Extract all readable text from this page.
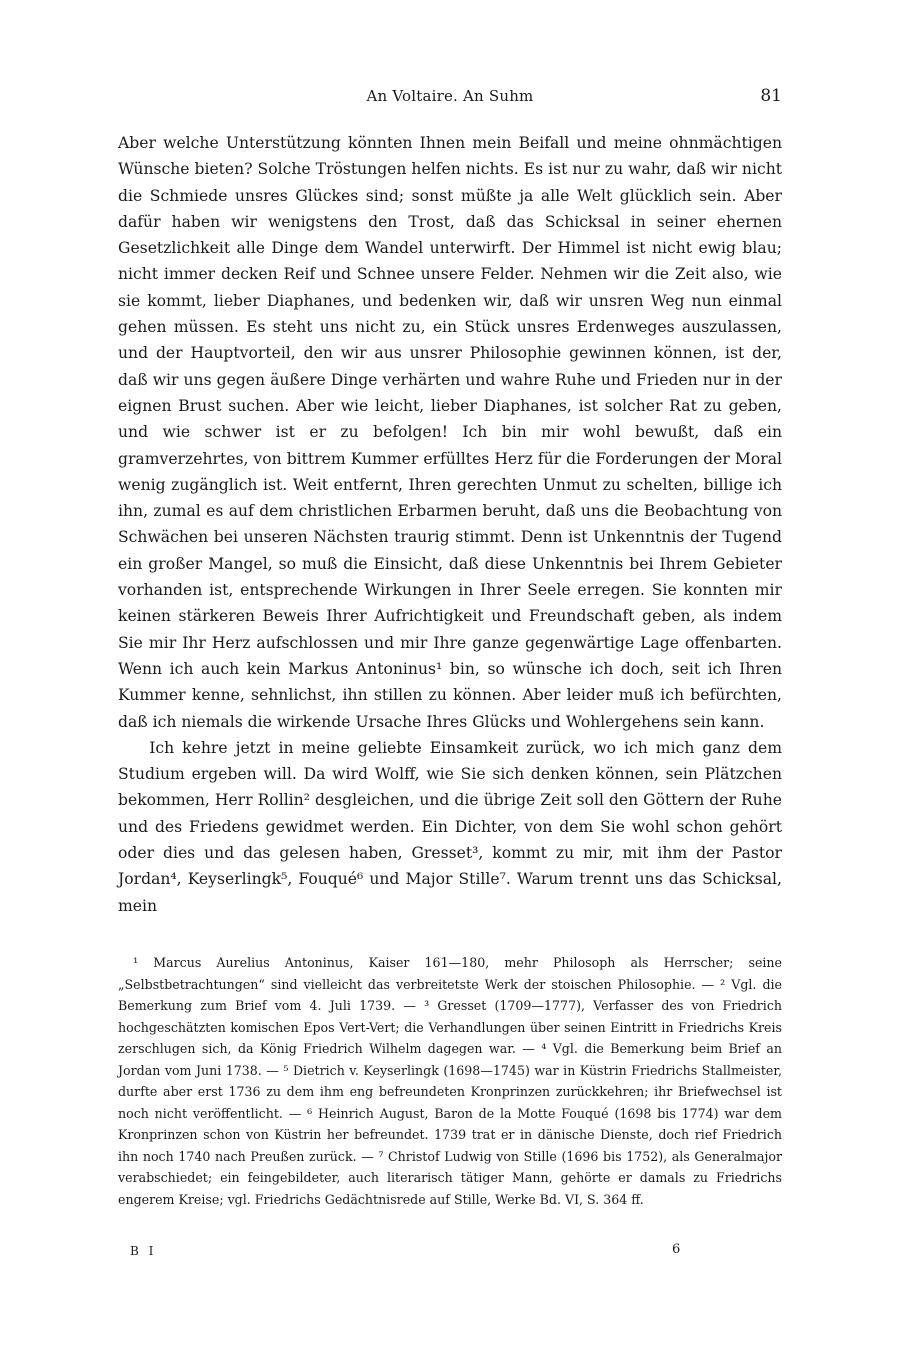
An Voltaire. An Suhm	81

Aber welche Unterstützung könnten Ihnen mein Beifall und meine ohnmächtigen Wünsche bieten? Solche Tröstungen helfen nichts. Es ist nur zu wahr, daß wir nicht die Schmiede unsres Glückes sind; sonst müßte ja alle Welt glücklich sein. Aber dafür haben wir wenigstens den Trost, daß das Schicksal in seiner ehernen Gesetzlichkeit alle Dinge dem Wandel unterwirft. Der Himmel ist nicht ewig blau; nicht immer decken Reif und Schnee unsere Felder. Nehmen wir die Zeit also, wie sie kommt, lieber Diaphanes, und bedenken wir, daß wir unsren Weg nun einmal gehen müssen. Es steht uns nicht zu, ein Stück unsres Erdenweges auszulassen, und der Hauptvorteil, den wir aus unsrer Philosophie gewinnen können, ist der, daß wir uns gegen äußere Dinge verhärten und wahre Ruhe und Frieden nur in der eignen Brust suchen. Aber wie leicht, lieber Diaphanes, ist solcher Rat zu geben, und wie schwer ist er zu befolgen! Ich bin mir wohl bewußt, daß ein gramverzehrtes, von bittrem Kummer erfülltes Herz für die Forderungen der Moral wenig zugänglich ist. Weit entfernt, Ihren gerechten Unmut zu schelten, billige ich ihn, zumal es auf dem christlichen Erbarmen beruht, daß uns die Beobachtung von Schwächen bei unseren Nächsten traurig stimmt. Denn ist Unkenntnis der Tugend ein großer Mangel, so muß die Einsicht, daß diese Unkenntnis bei Ihrem Gebieter vorhanden ist, entsprechende Wirkungen in Ihrer Seele erregen. Sie konnten mir keinen stärkeren Beweis Ihrer Aufrichtigkeit und Freundschaft geben, als indem Sie mir Ihr Herz aufschlossen und mir Ihre ganze gegenwärtige Lage offenbarten. Wenn ich auch kein Markus Antoninus¹ bin, so wünsche ich doch, seit ich Ihren Kummer kenne, sehnlichst, ihn stillen zu können. Aber leider muß ich befürchten, daß ich niemals die wirkende Ursache Ihres Glücks und Wohlergehens sein kann.

Ich kehre jetzt in meine geliebte Einsamkeit zurück, wo ich mich ganz dem Studium ergeben will. Da wird Wolff, wie Sie sich denken können, sein Plätzchen bekommen, Herr Rollin² desgleichen, und die übrige Zeit soll den Göttern der Ruhe und des Friedens gewidmet werden. Ein Dichter, von dem Sie wohl schon gehört oder dies und das gelesen haben, Gresset³, kommt zu mir, mit ihm der Pastor Jordan⁴, Keyserlingk⁵, Fouqué⁶ und Major Stille⁷. Warum trennt uns das Schicksal, mein

¹ Marcus Aurelius Antoninus, Kaiser 161—180, mehr Philosoph als Herrscher; seine „Selbstbetrachtungen“ sind vielleicht das verbreitetste Werk der stoischen Philosophie. — ² Vgl. die Bemerkung zum Brief vom 4. Juli 1739. — ³ Gresset (1709—1777), Verfasser des von Friedrich hochgeschätzten komischen Epos Vert-Vert; die Verhandlungen über seinen Eintritt in Friedrichs Kreis zerschlugen sich, da König Friedrich Wilhelm dagegen war. — ⁴ Vgl. die Bemerkung beim Brief an Jordan vom Juni 1738. — ⁵ Dietrich v. Keyserlingk (1698—1745) war in Küstrin Friedrichs Stallmeister, durfte aber erst 1736 zu dem ihm eng befreundeten Kronprinzen zurückkehren; ihr Briefwechsel ist noch nicht veröffentlicht. — ⁶ Heinrich August, Baron de la Motte Fouqué (1698 bis 1774) war dem Kronprinzen schon von Küstrin her befreundet. 1739 trat er in dänische Dienste, doch rief Friedrich ihn noch 1740 nach Preußen zurück. — ⁷ Christof Ludwig von Stille (1696 bis 1752), als Generalmajor verabschiedet; ein feingebildeter, auch literarisch tätiger Mann, gehörte er damals zu Friedrichs engerem Kreise; vgl. Friedrichs Gedächtnisrede auf Stille, Werke Bd. VI, S. 364 ff.

B I	6
